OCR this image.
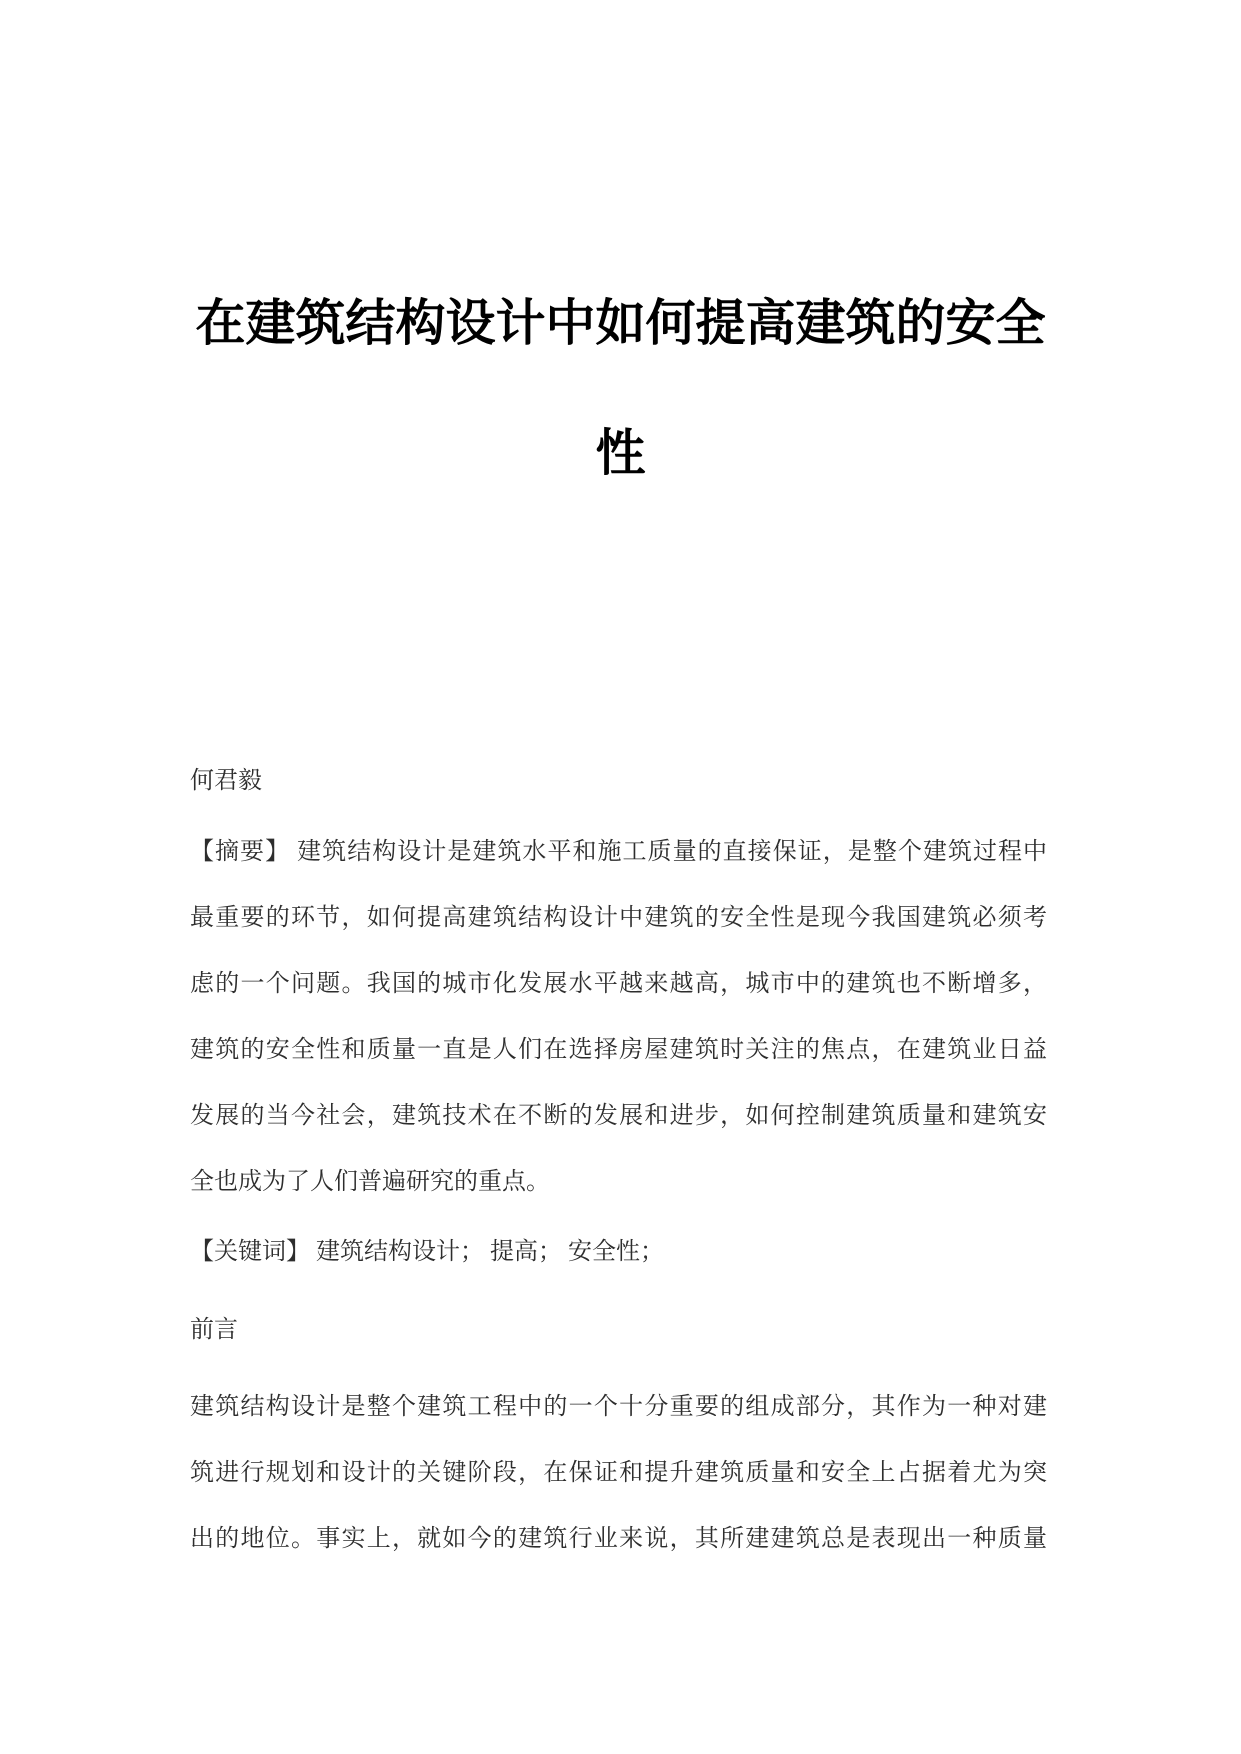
在建筑结构设计中如何提高建筑的安全
性

何君毅

【摘要】 建筑结构设计是建筑水平和施工质量的直接保证，是整个建筑过程中
最重要的环节，如何提高建筑结构设计中建筑的安全性是现今我国建筑必须考
虑的一个问题。我国的城市化发展水平越来越高，城市中的建筑也不断增多，
建筑的安全性和质量一直是人们在选择房屋建筑时关注的焦点，在建筑业日益
发展的当今社会，建筑技术在不断的发展和进步，如何控制建筑质量和建筑安
全也成为了人们普遍研究的重点。

【关键词】 建筑结构设计； 提高； 安全性；

前言

建筑结构设计是整个建筑工程中的一个十分重要的组成部分，其作为一种对建
筑进行规划和设计的关键阶段，在保证和提升建筑质量和安全上占据着尤为突
出的地位。事实上，就如今的建筑行业来说，其所建建筑总是表现出一种质量
